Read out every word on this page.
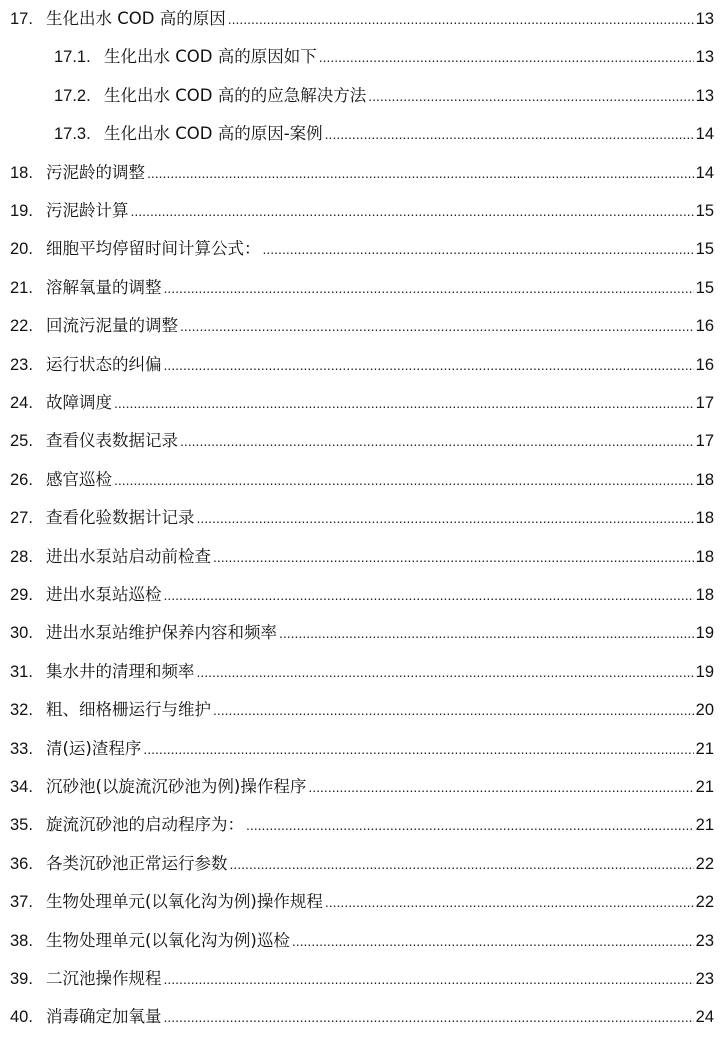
17. 生化出水 COD 高的原因 .....	13
17.1. 生化出水 COD 高的原因如下 .....	13
17.2. 生化出水 COD 高的的应急解决方法 .....	13
17.3. 生化出水 COD 高的原因-案例 .....	14
18. 污泥龄的调整 .....	14
19. 污泥龄计算 .....	15
20. 细胞平均停留时间计算公式： .....	15
21. 溶解氧量的调整 .....	15
22. 回流污泥量的调整 .....	16
23. 运行状态的纠偏 .....	16
24. 故障调度 .....	17
25. 查看仪表数据记录 .....	17
26. 感官巡检 .....	18
27. 查看化验数据计记录 .....	18
28. 进出水泵站启动前检查 .....	18
29. 进出水泵站巡检 .....	18
30. 进出水泵站维护保养内容和频率 .....	19
31. 集水井的清理和频率 .....	19
32. 粗、细格栅运行与维护 .....	20
33. 清(运)渣程序 .....	21
34. 沉砂池(以旋流沉砂池为例)操作程序 .....	21
35. 旋流沉砂池的启动程序为： .....	21
36. 各类沉砂池正常运行参数 .....	22
37. 生物处理单元(以氧化沟为例)操作规程 .....	22
38. 生物处理单元(以氧化沟为例)巡检 .....	23
39. 二沉池操作规程 .....	23
40. 消毒确定加氧量 .....	24
